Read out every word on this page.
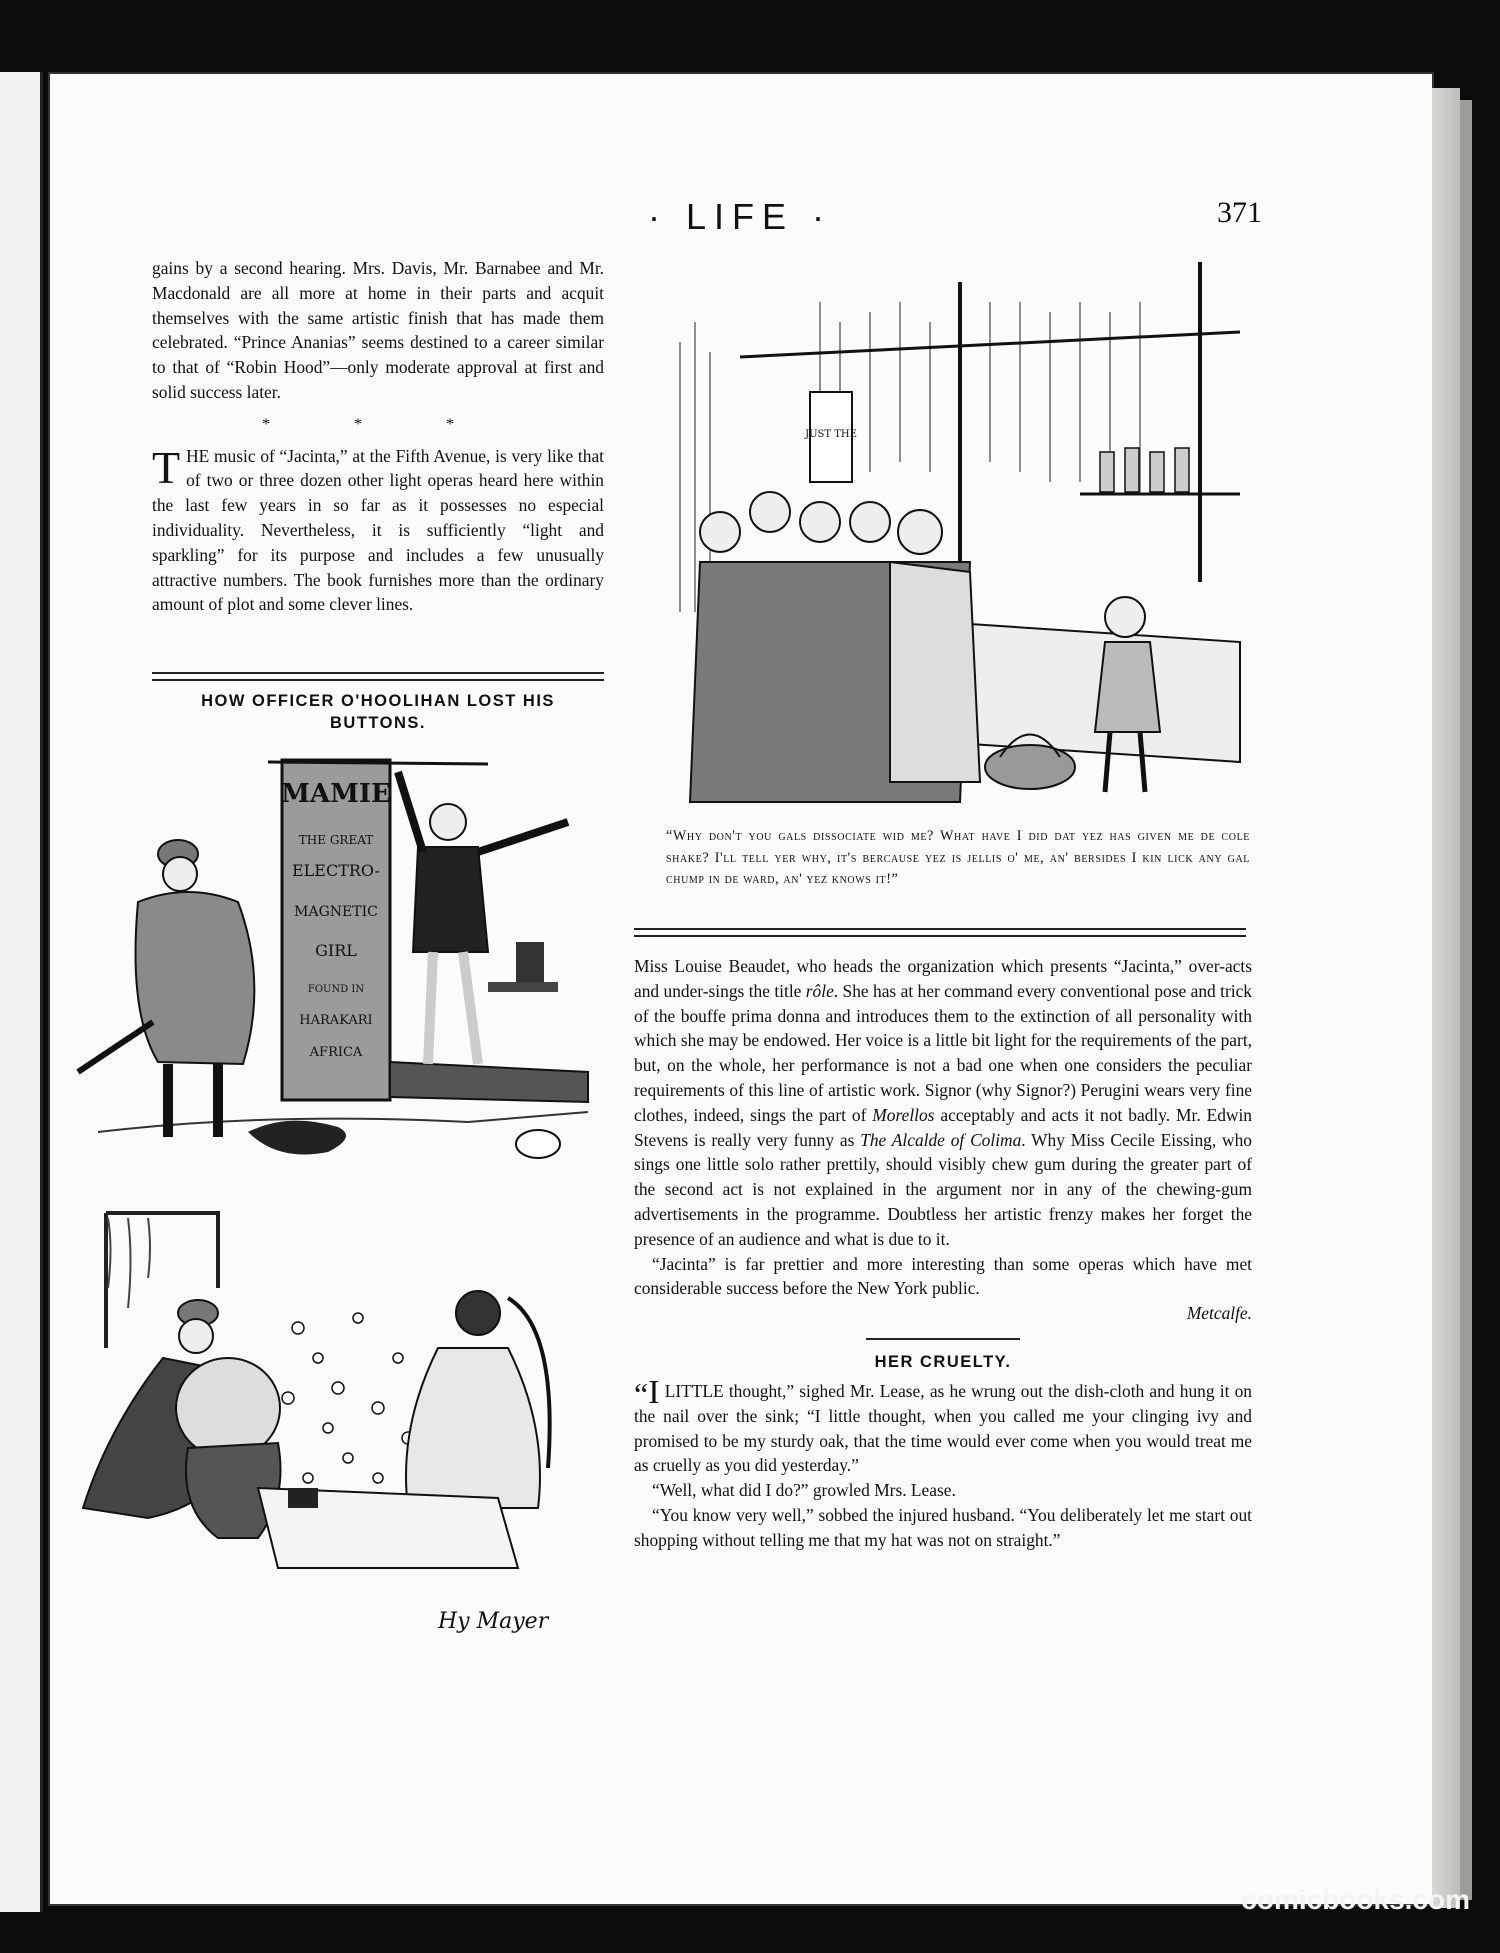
· LIFE ·	371

gains by a second hearing. Mrs. Davis, Mr. Barnabee and Mr. Macdonald are all more at home in their parts and acquit themselves with the same artistic finish that has made them celebrated. “Prince Ananias” seems destined to a career similar to that of “Robin Hood”—only moderate approval at first and solid success later.

* * *

THE music of “Jacinta,” at the Fifth Avenue, is very like that of two or three dozen other light operas heard here within the last few years in so far as it possesses no especial individuality. Nevertheless, it is sufficiently “light and sparkling” for its purpose and includes a few unusually attractive numbers. The book furnishes more than the ordinary amount of plot and some clever lines.

HOW OFFICER O'HOOLIHAN LOST HIS BUTTONS.
MAMIE
THE GREAT
ELECTRO-
MAGNETIC
GIRL
FOUND IN
HARAKARI
AFRICA
Hy Mayer
JUST THE
“Why don't you gals dissociate wid me? What have I did dat yez has given me de cole shake? I'll tell yer why, it's bercause yez is jellis o' me, an' bersides I kin lick any gal chump in de ward, an' yez knows it!”

Miss Louise Beaudet, who heads the organization which presents “Jacinta,” over-acts and under-sings the title rôle. She has at her command every conventional pose and trick of the bouffe prima donna and introduces them to the extinction of all personality with which she may be endowed. Her voice is a little bit light for the requirements of the part, but, on the whole, her performance is not a bad one when one considers the peculiar requirements of this line of artistic work. Signor (why Signor?) Perugini wears very fine clothes, indeed, sings the part of Morellos acceptably and acts it not badly. Mr. Edwin Stevens is really very funny as The Alcalde of Colima. Why Miss Cecile Eissing, who sings one little solo rather prettily, should visibly chew gum during the greater part of the second act is not explained in the argument nor in any of the chewing-gum advertisements in the programme. Doubtless her artistic frenzy makes her forget the presence of an audience and what is due to it.

“Jacinta” is far prettier and more interesting than some operas which have met considerable success before the New York public.

Metcalfe.

HER CRUELTY.

“I LITTLE thought,” sighed Mr. Lease, as he wrung out the dish-cloth and hung it on the nail over the sink; “I little thought, when you called me your clinging ivy and promised to be my sturdy oak, that the time would ever come when you would treat me as cruelly as you did yesterday.”

“Well, what did I do?” growled Mrs. Lease.

“You know very well,” sobbed the injured husband. “You deliberately let me start out shopping without telling me that my hat was not on straight.”

comicbooks.com
